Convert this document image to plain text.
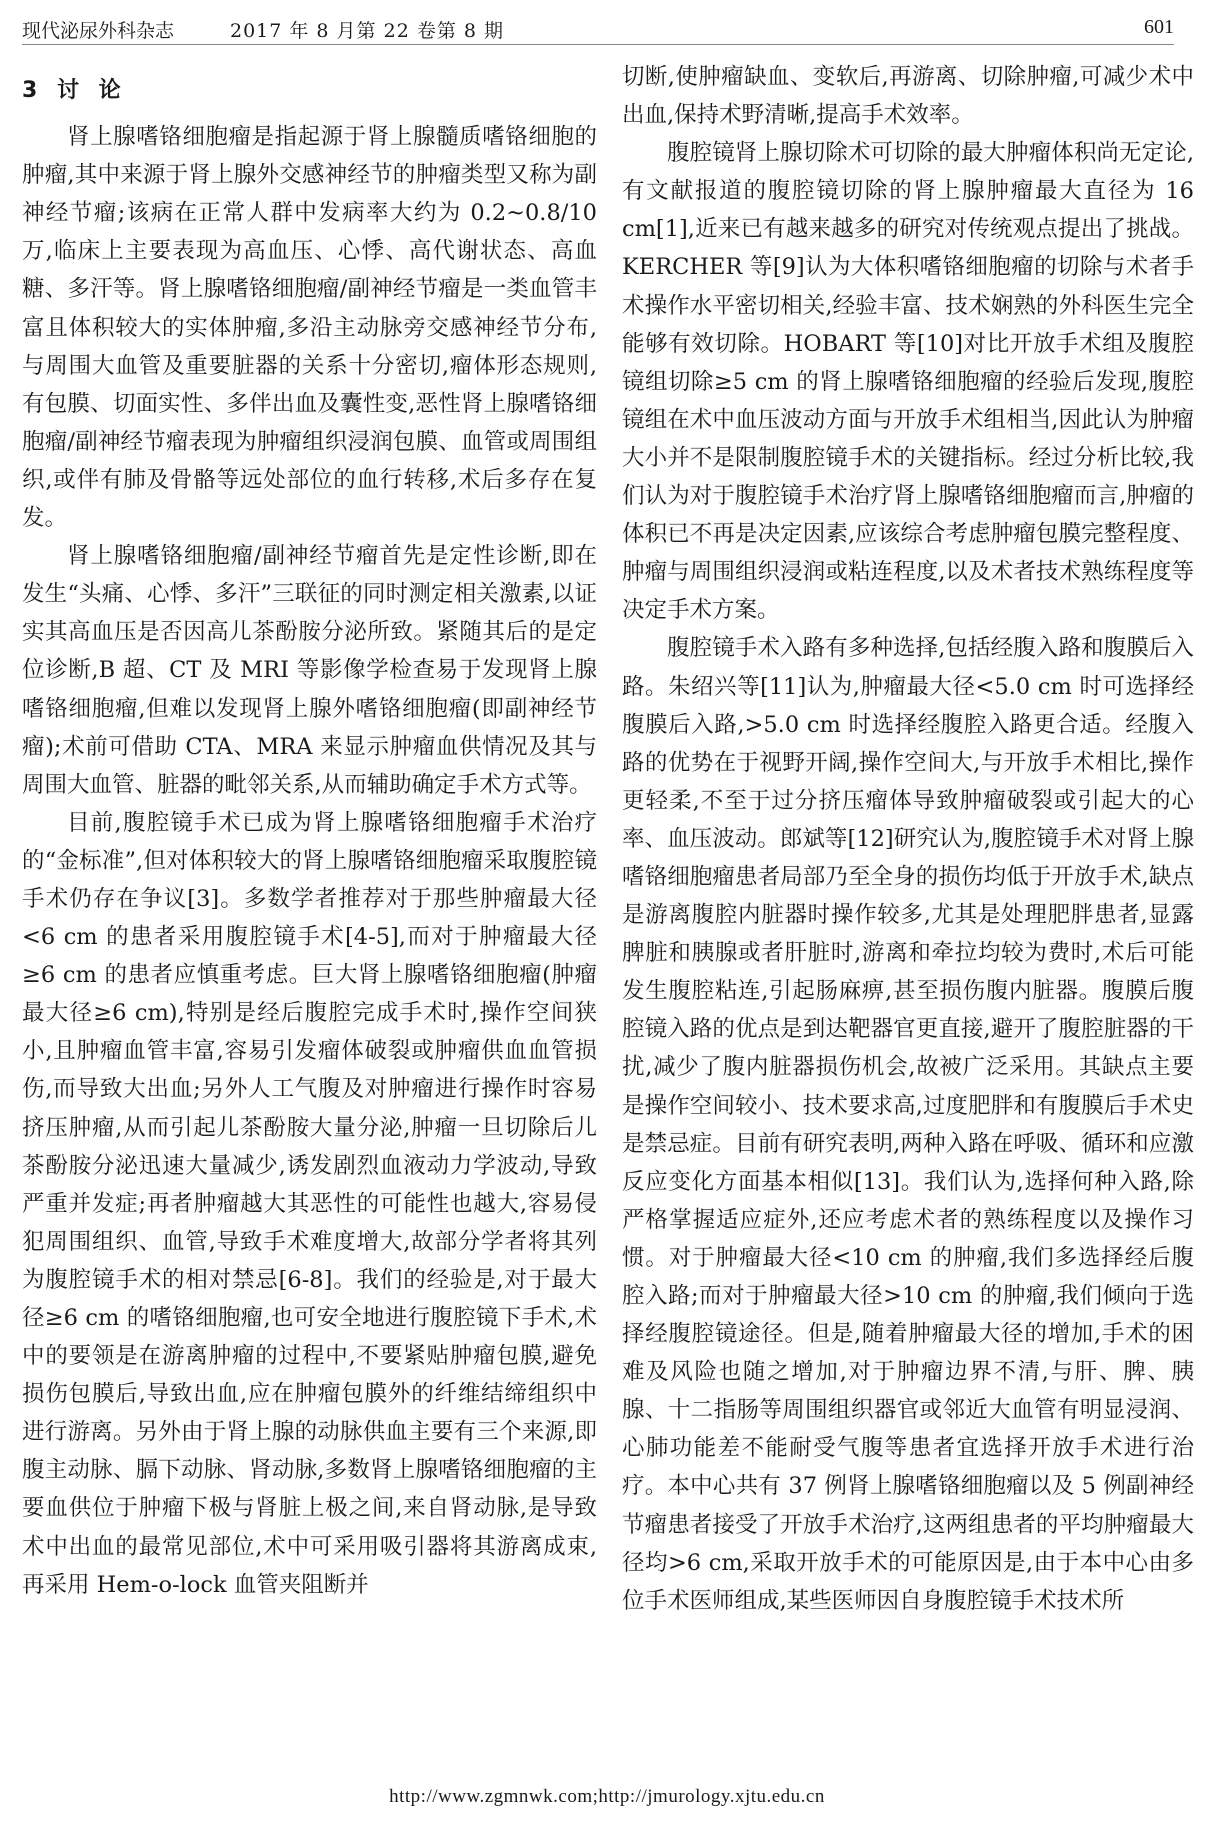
现代泌尿外科杂志	2017 年 8 月第 22 卷第 8 期	601
3 讨 论

肾上腺嗜铬细胞瘤是指起源于肾上腺髓质嗜铬细胞的肿瘤,其中来源于肾上腺外交感神经节的肿瘤类型又称为副神经节瘤;该病在正常人群中发病率大约为 0.2~0.8/10 万,临床上主要表现为高血压、心悸、高代谢状态、高血糖、多汗等。肾上腺嗜铬细胞瘤/副神经节瘤是一类血管丰富且体积较大的实体肿瘤,多沿主动脉旁交感神经节分布,与周围大血管及重要脏器的关系十分密切,瘤体形态规则,有包膜、切面实性、多伴出血及囊性变,恶性肾上腺嗜铬细胞瘤/副神经节瘤表现为肿瘤组织浸润包膜、血管或周围组织,或伴有肺及骨骼等远处部位的血行转移,术后多存在复发。

肾上腺嗜铬细胞瘤/副神经节瘤首先是定性诊断,即在发生“头痛、心悸、多汗”三联征的同时测定相关激素,以证实其高血压是否因高儿茶酚胺分泌所致。紧随其后的是定位诊断,B 超、CT 及 MRI 等影像学检查易于发现肾上腺嗜铬细胞瘤,但难以发现肾上腺外嗜铬细胞瘤(即副神经节瘤);术前可借助 CTA、MRA 来显示肿瘤血供情况及其与周围大血管、脏器的毗邻关系,从而辅助确定手术方式等。

目前,腹腔镜手术已成为肾上腺嗜铬细胞瘤手术治疗的“金标准”,但对体积较大的肾上腺嗜铬细胞瘤采取腹腔镜手术仍存在争议[3]。多数学者推荐对于那些肿瘤最大径<6 cm 的患者采用腹腔镜手术[4-5],而对于肿瘤最大径≥6 cm 的患者应慎重考虑。巨大肾上腺嗜铬细胞瘤(肿瘤最大径≥6 cm),特别是经后腹腔完成手术时,操作空间狭小,且肿瘤血管丰富,容易引发瘤体破裂或肿瘤供血血管损伤,而导致大出血;另外人工气腹及对肿瘤进行操作时容易挤压肿瘤,从而引起儿茶酚胺大量分泌,肿瘤一旦切除后儿茶酚胺分泌迅速大量减少,诱发剧烈血液动力学波动,导致严重并发症;再者肿瘤越大其恶性的可能性也越大,容易侵犯周围组织、血管,导致手术难度增大,故部分学者将其列为腹腔镜手术的相对禁忌[6-8]。我们的经验是,对于最大径≥6 cm 的嗜铬细胞瘤,也可安全地进行腹腔镜下手术,术中的要领是在游离肿瘤的过程中,不要紧贴肿瘤包膜,避免损伤包膜后,导致出血,应在肿瘤包膜外的纤维结缔组织中进行游离。另外由于肾上腺的动脉供血主要有三个来源,即腹主动脉、膈下动脉、肾动脉,多数肾上腺嗜铬细胞瘤的主要血供位于肿瘤下极与肾脏上极之间,来自肾动脉,是导致术中出血的最常见部位,术中可采用吸引器将其游离成束,再采用 Hem-o-lock 血管夹阻断并

切断,使肿瘤缺血、变软后,再游离、切除肿瘤,可减少术中出血,保持术野清晰,提高手术效率。

腹腔镜肾上腺切除术可切除的最大肿瘤体积尚无定论,有文献报道的腹腔镜切除的肾上腺肿瘤最大直径为 16 cm[1],近来已有越来越多的研究对传统观点提出了挑战。KERCHER 等[9]认为大体积嗜铬细胞瘤的切除与术者手术操作水平密切相关,经验丰富、技术娴熟的外科医生完全能够有效切除。HOBART 等[10]对比开放手术组及腹腔镜组切除≥5 cm 的肾上腺嗜铬细胞瘤的经验后发现,腹腔镜组在术中血压波动方面与开放手术组相当,因此认为肿瘤大小并不是限制腹腔镜手术的关键指标。经过分析比较,我们认为对于腹腔镜手术治疗肾上腺嗜铬细胞瘤而言,肿瘤的体积已不再是决定因素,应该综合考虑肿瘤包膜完整程度、肿瘤与周围组织浸润或粘连程度,以及术者技术熟练程度等决定手术方案。

腹腔镜手术入路有多种选择,包括经腹入路和腹膜后入路。朱绍兴等[11]认为,肿瘤最大径<5.0 cm 时可选择经腹膜后入路,>5.0 cm 时选择经腹腔入路更合适。经腹入路的优势在于视野开阔,操作空间大,与开放手术相比,操作更轻柔,不至于过分挤压瘤体导致肿瘤破裂或引起大的心率、血压波动。郎斌等[12]研究认为,腹腔镜手术对肾上腺嗜铬细胞瘤患者局部乃至全身的损伤均低于开放手术,缺点是游离腹腔内脏器时操作较多,尤其是处理肥胖患者,显露脾脏和胰腺或者肝脏时,游离和牵拉均较为费时,术后可能发生腹腔粘连,引起肠麻痹,甚至损伤腹内脏器。腹膜后腹腔镜入路的优点是到达靶器官更直接,避开了腹腔脏器的干扰,减少了腹内脏器损伤机会,故被广泛采用。其缺点主要是操作空间较小、技术要求高,过度肥胖和有腹膜后手术史是禁忌症。目前有研究表明,两种入路在呼吸、循环和应激反应变化方面基本相似[13]。我们认为,选择何种入路,除严格掌握适应症外,还应考虑术者的熟练程度以及操作习惯。对于肿瘤最大径<10 cm 的肿瘤,我们多选择经后腹腔入路;而对于肿瘤最大径>10 cm 的肿瘤,我们倾向于选择经腹腔镜途径。但是,随着肿瘤最大径的增加,手术的困难及风险也随之增加,对于肿瘤边界不清,与肝、脾、胰腺、十二指肠等周围组织器官或邻近大血管有明显浸润、心肺功能差不能耐受气腹等患者宜选择开放手术进行治疗。本中心共有 37 例肾上腺嗜铬细胞瘤以及 5 例副神经节瘤患者接受了开放手术治疗,这两组患者的平均肿瘤最大径均>6 cm,采取开放手术的可能原因是,由于本中心由多位手术医师组成,某些医师因自身腹腔镜手术技术所

http://www.zgmnwk.com;http://jmurology.xjtu.edu.cn
